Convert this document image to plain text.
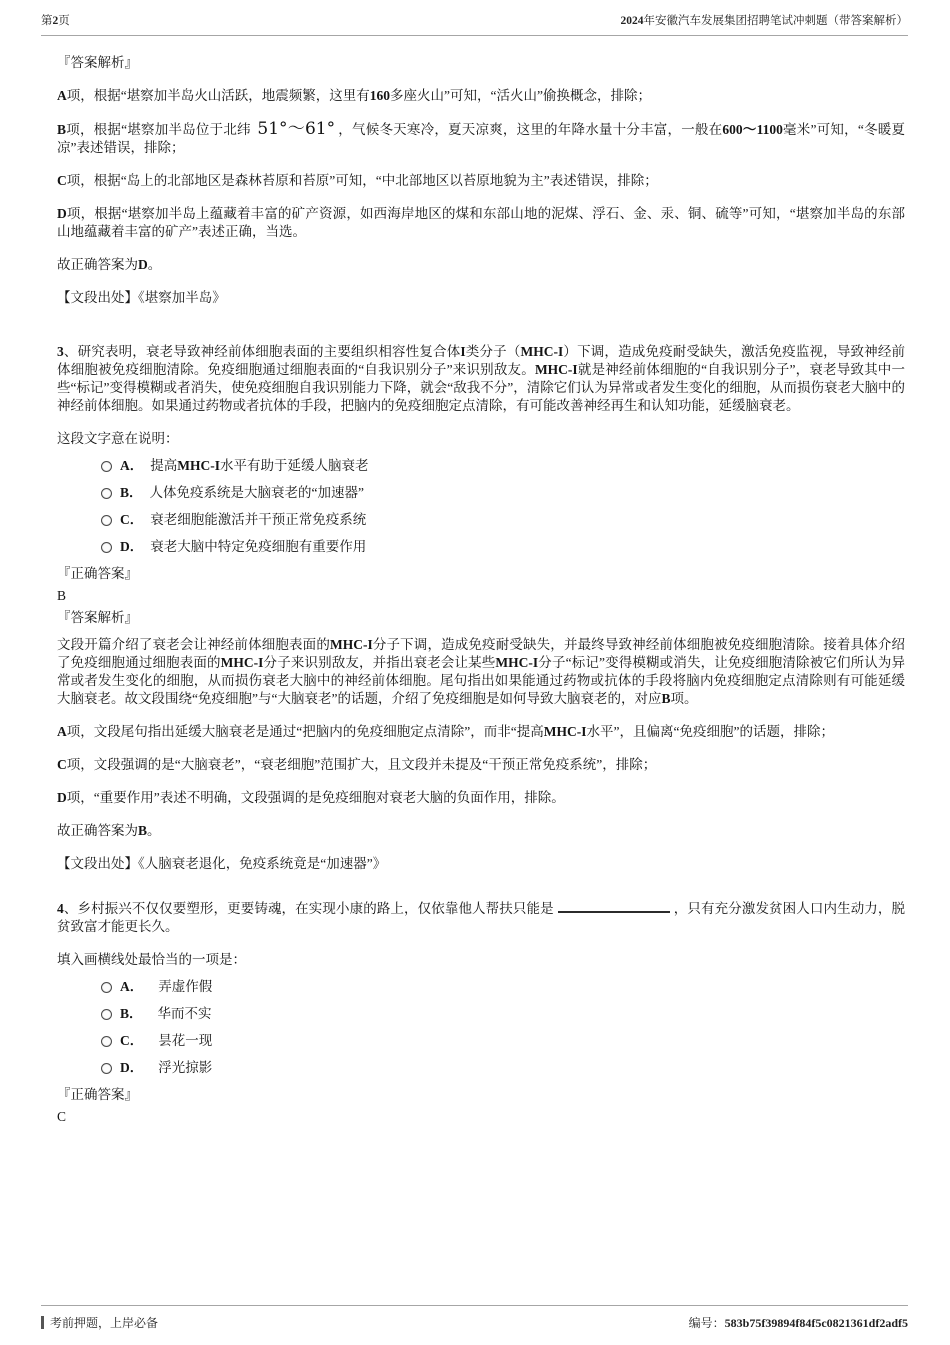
第2页	2024年安徽汽车发展集团招聘笔试冲刺题（带答案解析）

『答案解析』

A项，根据“堪察加半岛火山活跃，地震频繁，这里有160多座火山”可知，“活火山”偷换概念，排除；

B项，根据“堪察加半岛位于北纬 51°～61° ，气候冬天寒冷，夏天凉爽，这里的年降水量十分丰富，一般在600～1100毫米”可知，“冬暖夏凉”表述错误，排除；

C项，根据“岛上的北部地区是森林苔原和苔原”可知，“中北部地区以苔原地貌为主”表述错误，排除；

D项，根据“堪察加半岛上蕴藏着丰富的矿产资源，如西海岸地区的煤和东部山地的泥煤、浮石、金、汞、铜、硫等”可知，“堪察加半岛的东部山地蕴藏着丰富的矿产”表述正确，当选。

故正确答案为D。

【文段出处】《堪察加半岛》

3、研究表明，衰老导致神经前体细胞表面的主要组织相容性复合体I类分子（MHC-I）下调，造成免疫耐受缺失，激活免疫监视，导致神经前体细胞被免疫细胞清除。免疫细胞通过细胞表面的“自我识别分子”来识别敌友。MHC-I就是神经前体细胞的“自我识别分子”，衰老导致其中一些“标记”变得模糊或者消失，使免疫细胞自我识别能力下降，就会“敌我不分”，清除它们认为异常或者发生变化的细胞，从而损伤衰老大脑中的神经前体细胞。如果通过药物或者抗体的手段，把脑内的免疫细胞定点清除，有可能改善神经再生和认知功能，延缓脑衰老。

这段文字意在说明：

A． 提高MHC-I水平有助于延缓人脑衰老
B． 人体免疫系统是大脑衰老的“加速器”
C． 衰老细胞能激活并干预正常免疫系统
D． 衰老大脑中特定免疫细胞有重要作用

『正确答案』

B

『答案解析』

文段开篇介绍了衰老会让神经前体细胞表面的MHC-I分子下调，造成免疫耐受缺失，并最终导致神经前体细胞被免疫细胞清除。接着具体介绍了免疫细胞通过细胞表面的MHC-I分子来识别敌友，并指出衰老会让某些MHC-I分子“标记”变得模糊或消失，让免疫细胞清除被它们所认为异常或者发生变化的细胞，从而损伤衰老大脑中的神经前体细胞。尾句指出如果能通过药物或抗体的手段将脑内免疫细胞定点清除则有可能延缓大脑衰老。故文段围绕“免疫细胞”与“大脑衰老”的话题，介绍了免疫细胞是如何导致大脑衰老的，对应B项。

A项，文段尾句指出延缓大脑衰老是通过“把脑内的免疫细胞定点清除”，而非“提高MHC-I水平”，且偏离“免疫细胞”的话题，排除；

C项，文段强调的是“大脑衰老”，“衰老细胞”范围扩大，且文段并未提及“干预正常免疫系统”，排除；

D项，“重要作用”表述不明确，文段强调的是免疫细胞对衰老大脑的负面作用，排除。

故正确答案为B。

【文段出处】《人脑衰老退化，免疫系统竟是“加速器”》

4、乡村振兴不仅仅要塑形，更要铸魂，在实现小康的路上，仅依靠他人帮扶只能是	，只有充分激发贫困人口内生动力，脱贫致富才能更长久。

填入画横线处最恰当的一项是：

A． 弄虚作假
B． 华而不实
C． 昙花一现
D． 浮光掠影

『正确答案』

C

考前押题，上岸必备	编号：583b75f39894f84f5c0821361df2adf5
